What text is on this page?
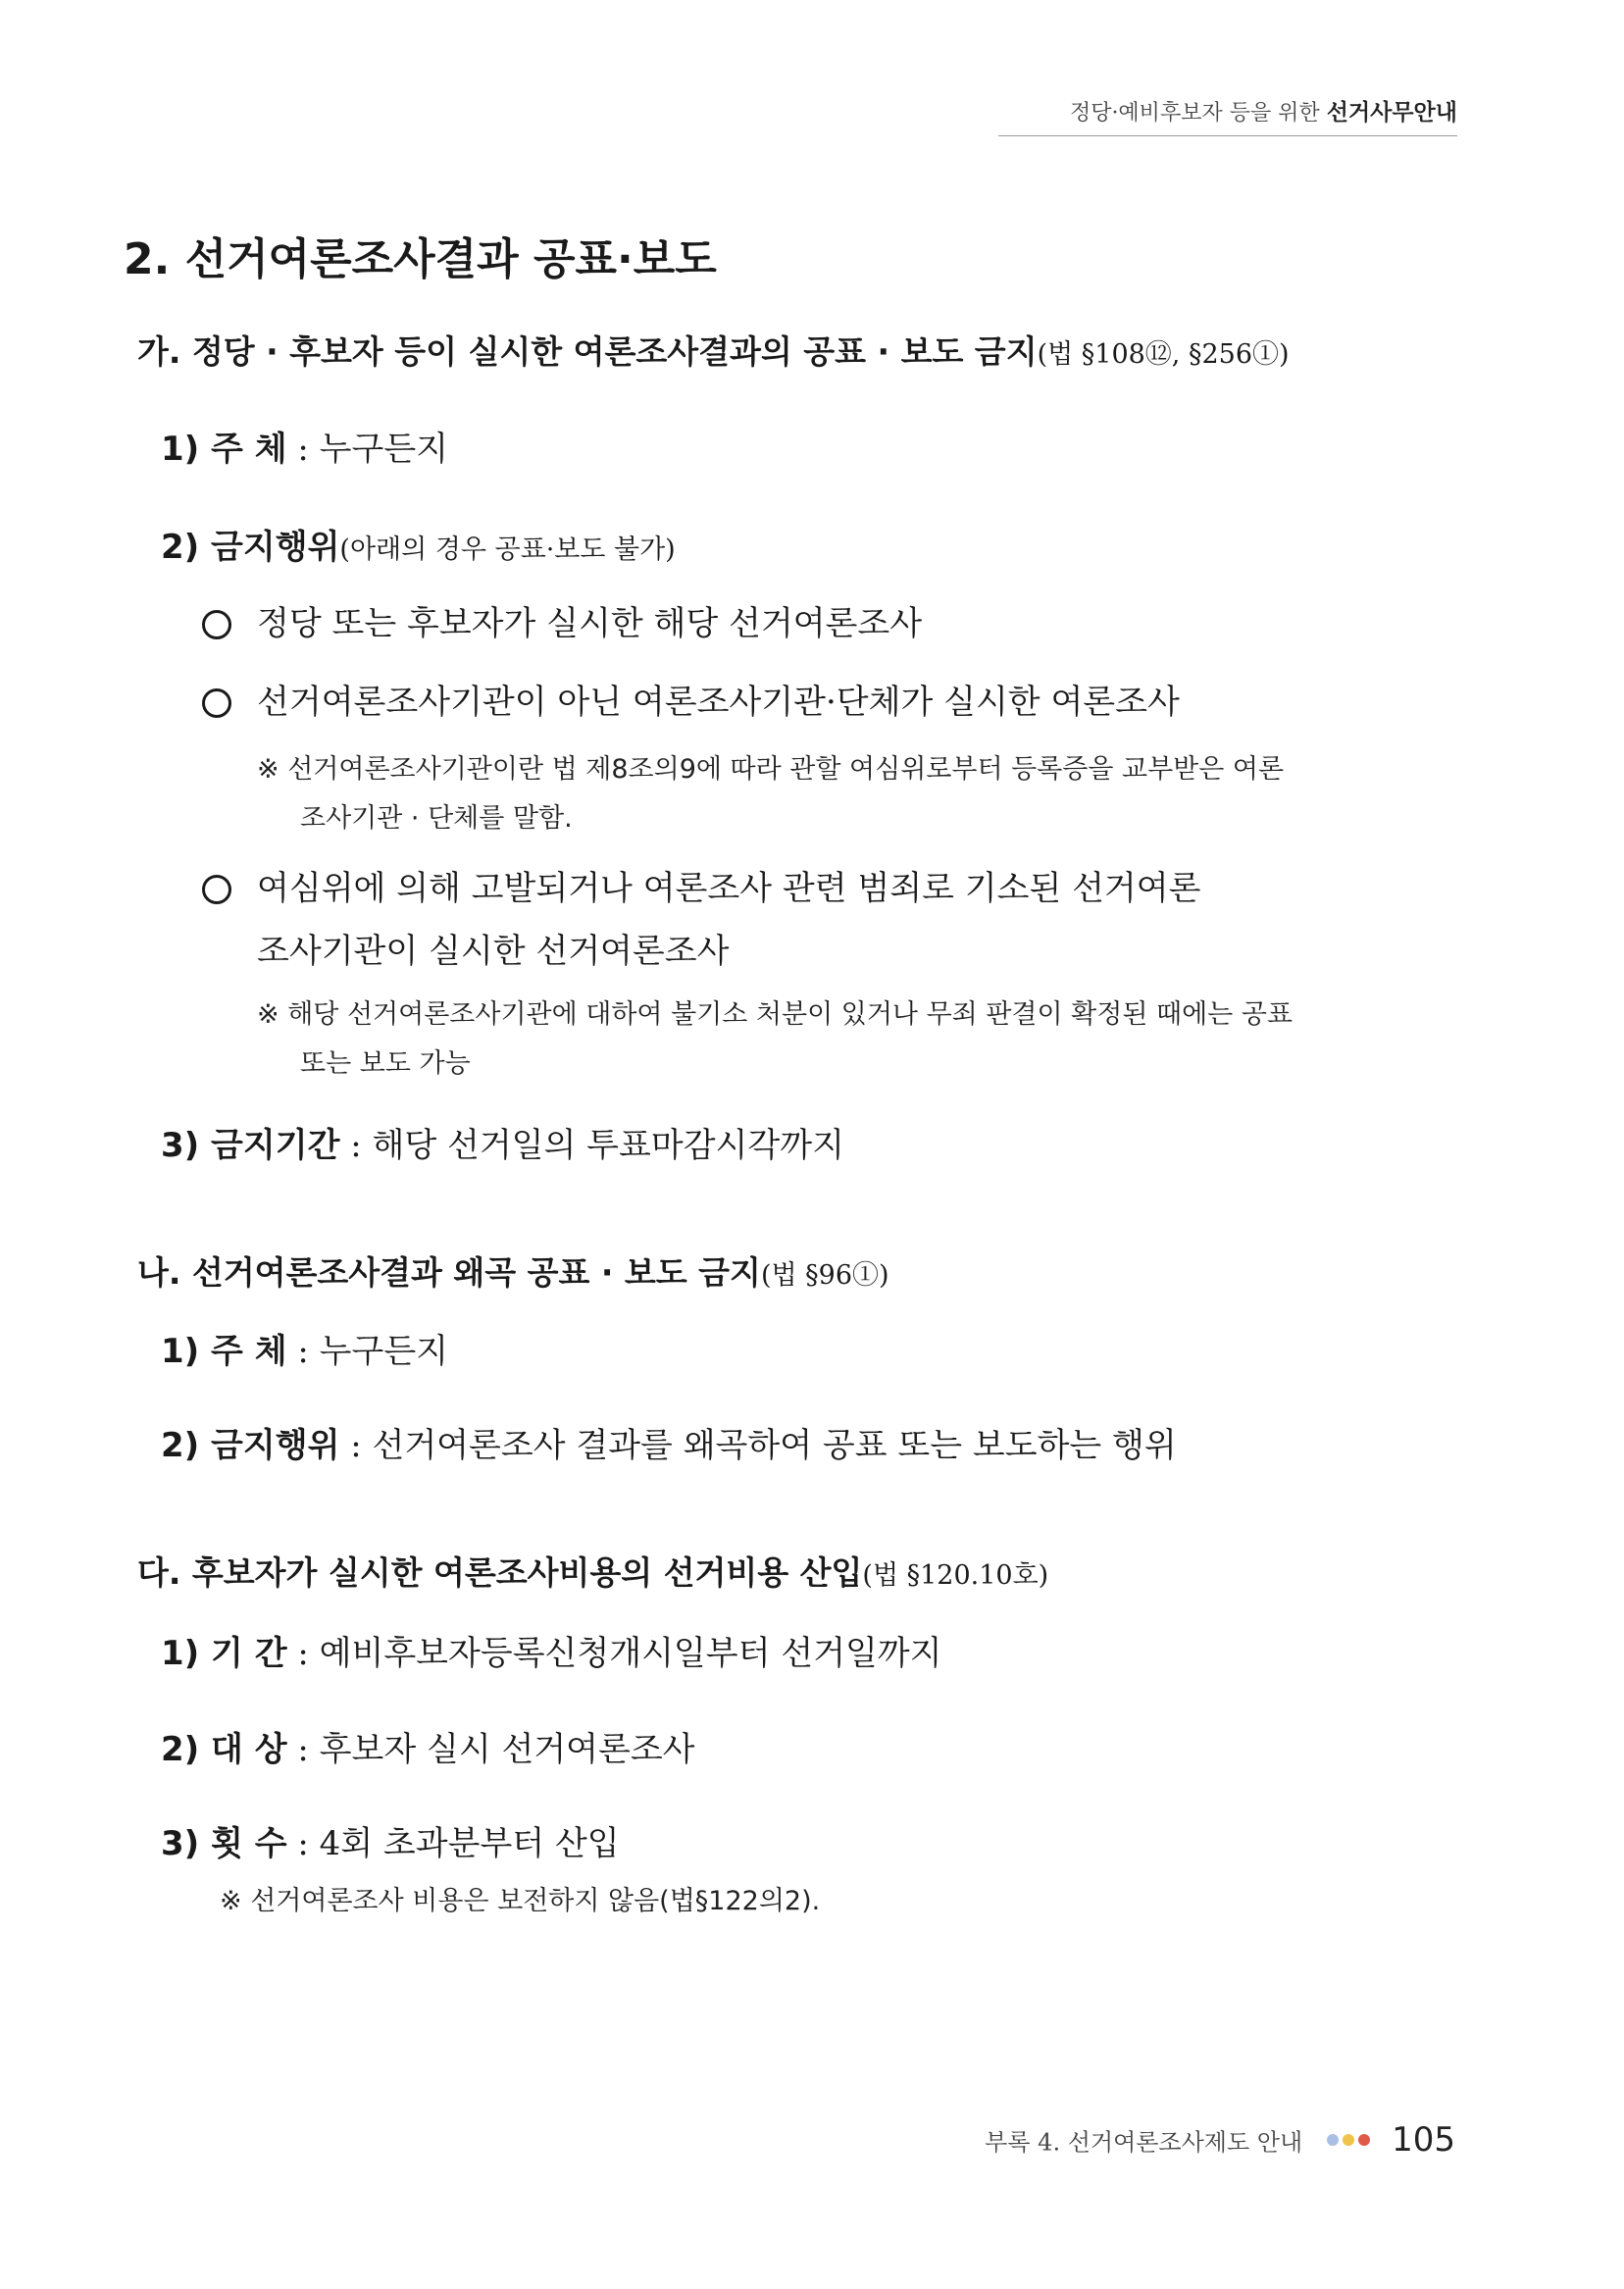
정당·예비후보자 등을 위한 선거사무안내
2. 선거여론조사결과 공표·보도
가. 정당 · 후보자 등이 실시한 여론조사결과의 공표 · 보도 금지(법 §108⑫, §256①)
1) 주 체 : 누구든지
2) 금지행위(아래의 경우 공표·보도 불가)
정당 또는 후보자가 실시한 해당 선거여론조사
선거여론조사기관이 아닌 여론조사기관·단체가 실시한 여론조사
※ 선거여론조사기관이란 법 제8조의9에 따라 관할 여심위로부터 등록증을 교부받은 여론
조사기관 · 단체를 말함.
여심위에 의해 고발되거나 여론조사 관련 범죄로 기소된 선거여론
조사기관이 실시한 선거여론조사
※ 해당 선거여론조사기관에 대하여 불기소 처분이 있거나 무죄 판결이 확정된 때에는 공표
또는 보도 가능
3) 금지기간 : 해당 선거일의 투표마감시각까지
나. 선거여론조사결과 왜곡 공표 · 보도 금지(법 §96①)
1) 주 체 : 누구든지
2) 금지행위 : 선거여론조사 결과를 왜곡하여 공표 또는 보도하는 행위
다. 후보자가 실시한 여론조사비용의 선거비용 산입(법 §120.10호)
1) 기 간 : 예비후보자등록신청개시일부터 선거일까지
2) 대 상 : 후보자 실시 선거여론조사
3) 횟 수 : 4회 초과분부터 산입
※ 선거여론조사 비용은 보전하지 않음(법§122의2).
부록 4. 선거여론조사제도 안내	105
